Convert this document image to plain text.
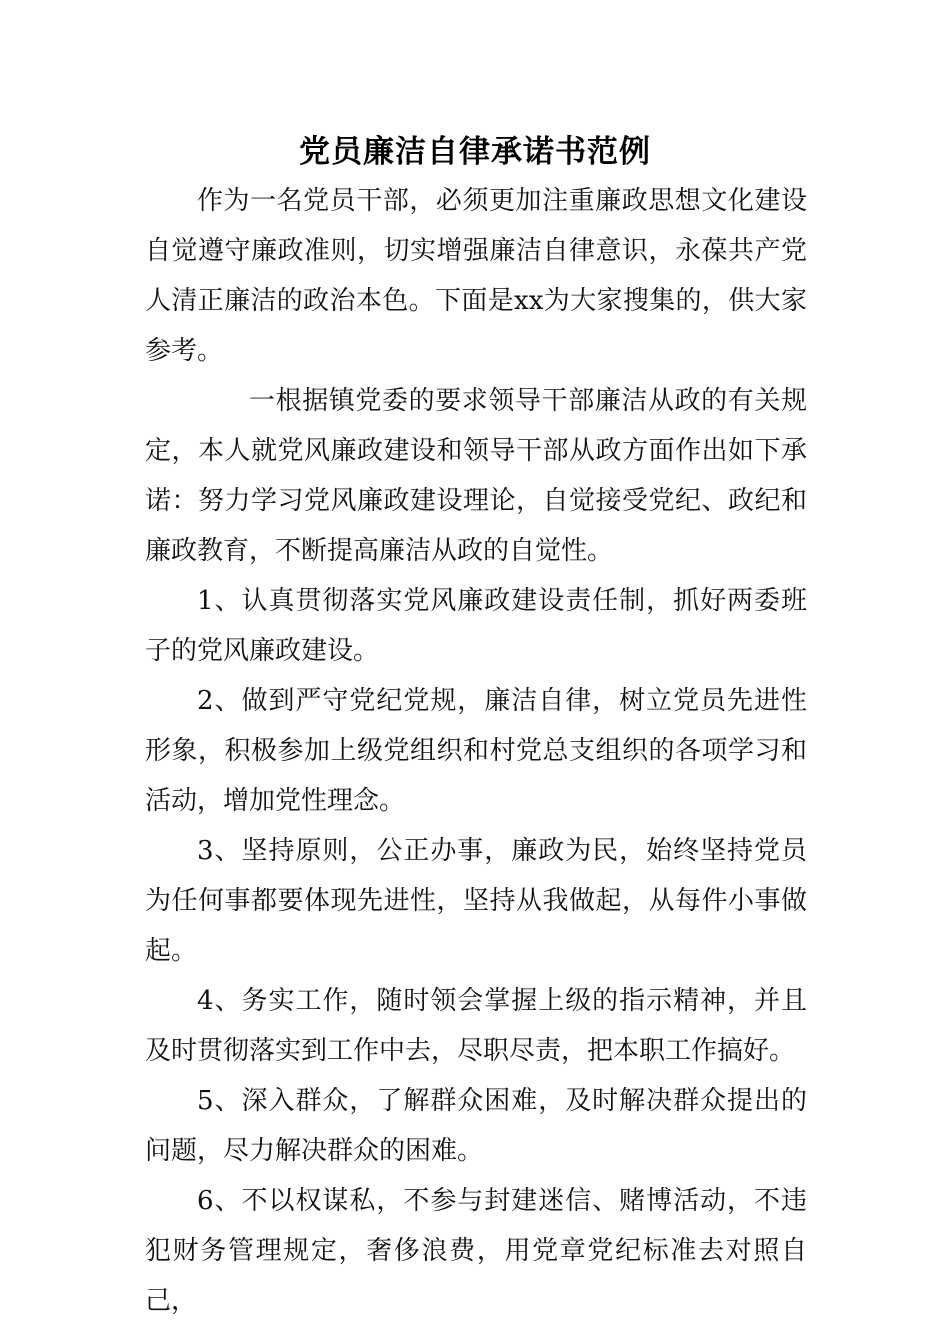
党员廉洁自律承诺书范例

作为一名党员干部，必须更加注重廉政思想文化建设自觉遵守廉政准则，切实增强廉洁自律意识，永葆共产党人清正廉洁的政治本色。下面是xx为大家搜集的，供大家参考。

一根据镇党委的要求领导干部廉洁从政的有关规定，本人就党风廉政建设和领导干部从政方面作出如下承诺：努力学习党风廉政建设理论，自觉接受党纪、政纪和廉政教育，不断提高廉洁从政的自觉性。

1、认真贯彻落实党风廉政建设责任制，抓好两委班子的党风廉政建设。

2、做到严守党纪党规，廉洁自律，树立党员先进性形象，积极参加上级党组织和村党总支组织的各项学习和活动，增加党性理念。

3、坚持原则，公正办事，廉政为民，始终坚持党员为任何事都要体现先进性，坚持从我做起，从每件小事做起。

4、务实工作，随时领会掌握上级的指示精神，并且及时贯彻落实到工作中去，尽职尽责，把本职工作搞好。

5、深入群众，了解群众困难，及时解决群众提出的问题，尽力解决群众的困难。

6、不以权谋私，不参与封建迷信、赌博活动，不违犯财务管理规定，奢侈浪费，用党章党纪标准去对照自己，
